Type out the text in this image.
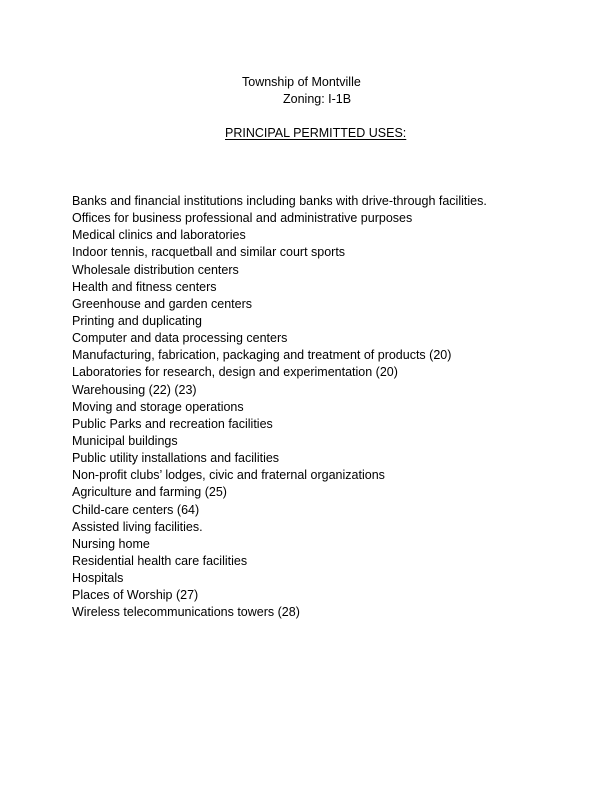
Township of Montville
Zoning: I-1B
PRINCIPAL PERMITTED USES:
Banks and financial institutions including banks with drive-through facilities.
Offices for business professional and administrative purposes
Medical clinics and laboratories
Indoor tennis, racquetball and similar court sports
Wholesale distribution centers
Health and fitness centers
Greenhouse and garden centers
Printing and duplicating
Computer and data processing centers
Manufacturing, fabrication, packaging and treatment of products (20)
Laboratories for research, design and experimentation (20)
Warehousing (22) (23)
Moving and storage operations
Public Parks and recreation facilities
Municipal buildings
Public utility installations and facilities
Non-profit clubs’ lodges, civic and fraternal organizations
Agriculture and farming (25)
Child-care centers (64)
Assisted living facilities.
Nursing home
Residential health care facilities
Hospitals
Places of Worship (27)
Wireless telecommunications towers (28)
